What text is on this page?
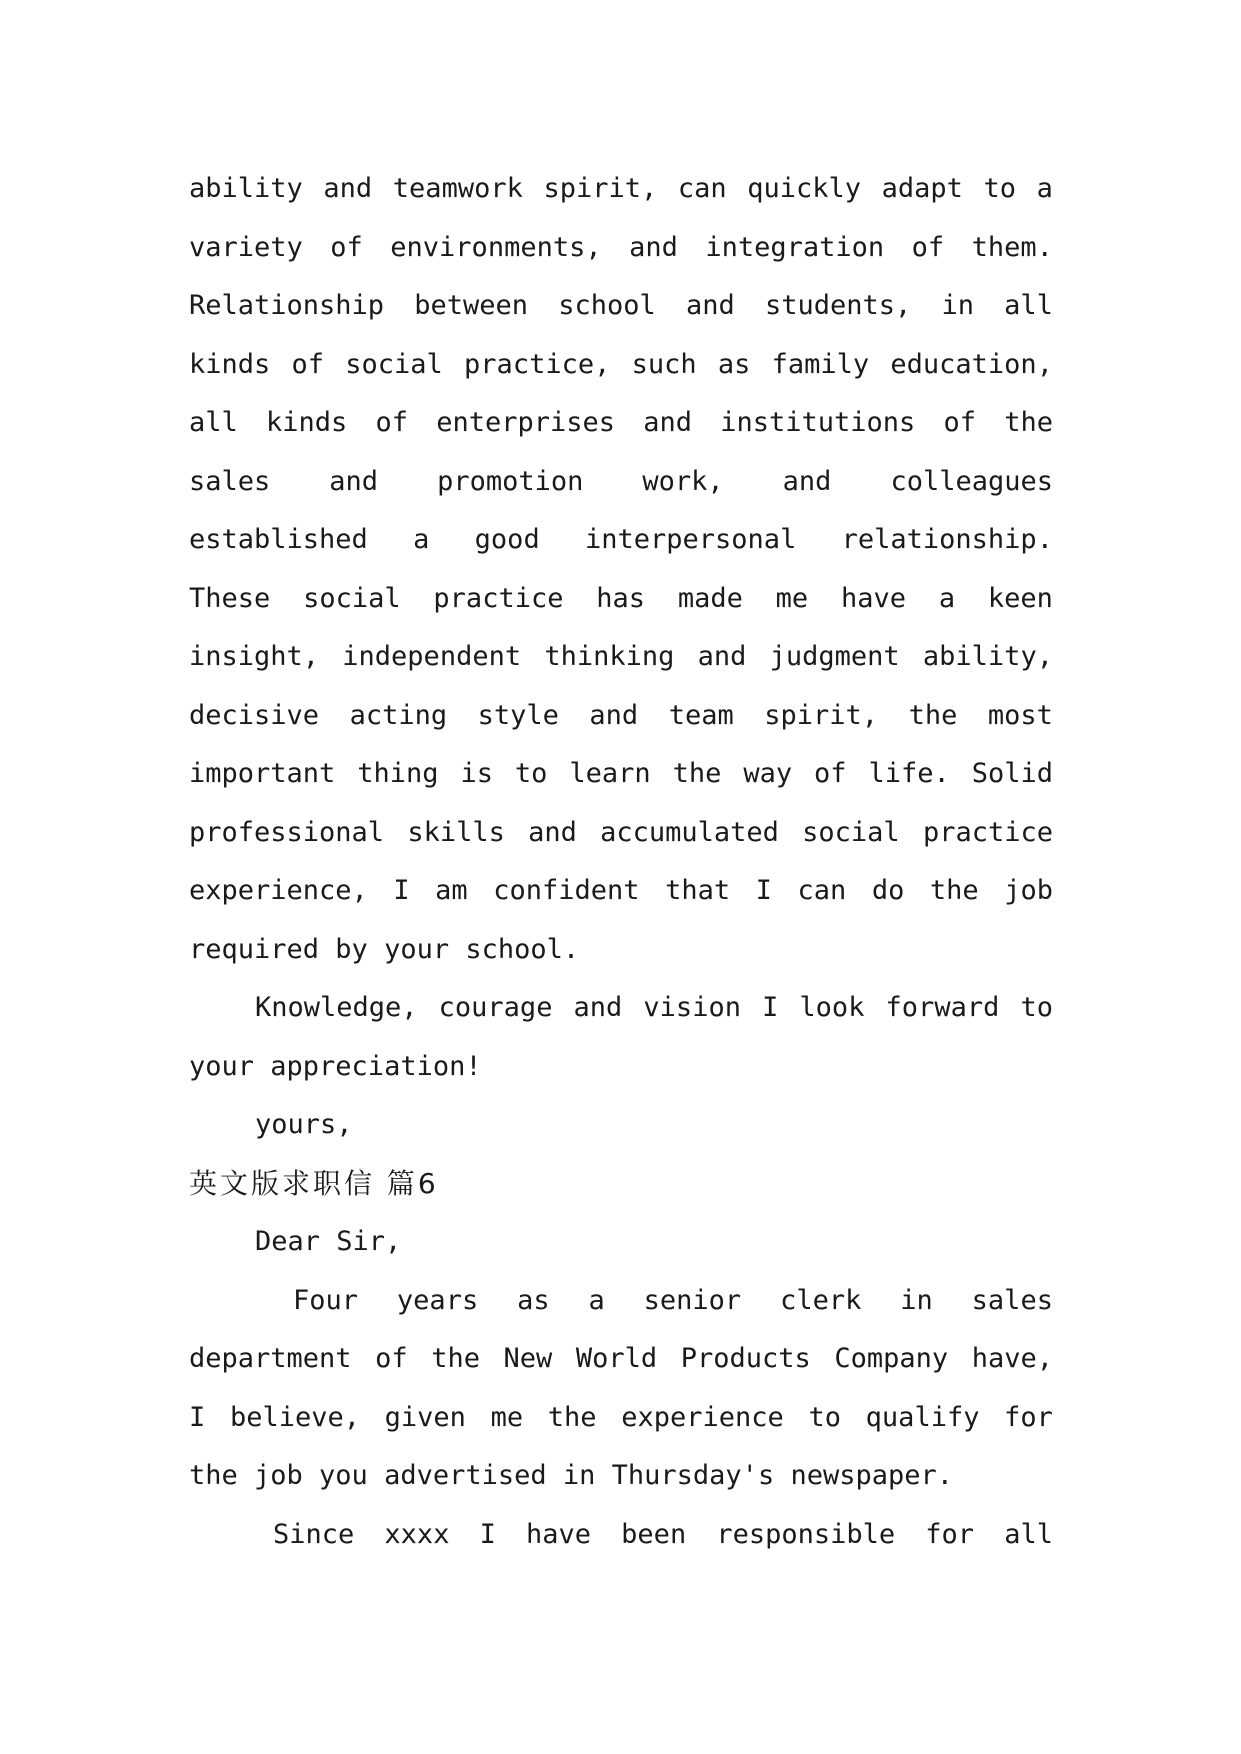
ability and teamwork spirit, can quickly adapt to a
variety of environments, and integration of them.
Relationship between school and students, in all
kinds of social practice, such as family education,
all kinds of enterprises and institutions of the
sales and promotion work, and colleagues
established a good interpersonal relationship.
These social practice has made me have a keen
insight, independent thinking and judgment ability,
decisive acting style and team spirit, the most
important thing is to learn the way of life. Solid
professional skills and accumulated social practice
experience, I am confident that I can do the job
required by your school.
Knowledge, courage and vision I look forward to
your appreciation!
yours,
英文版求职信 篇6
Dear Sir,
Four years as a senior clerk in sales
department of the New World Products Company have,
I believe, given me the experience to qualify for
the job you advertised in Thursday's newspaper.
Since xxxx I have been responsible for all
